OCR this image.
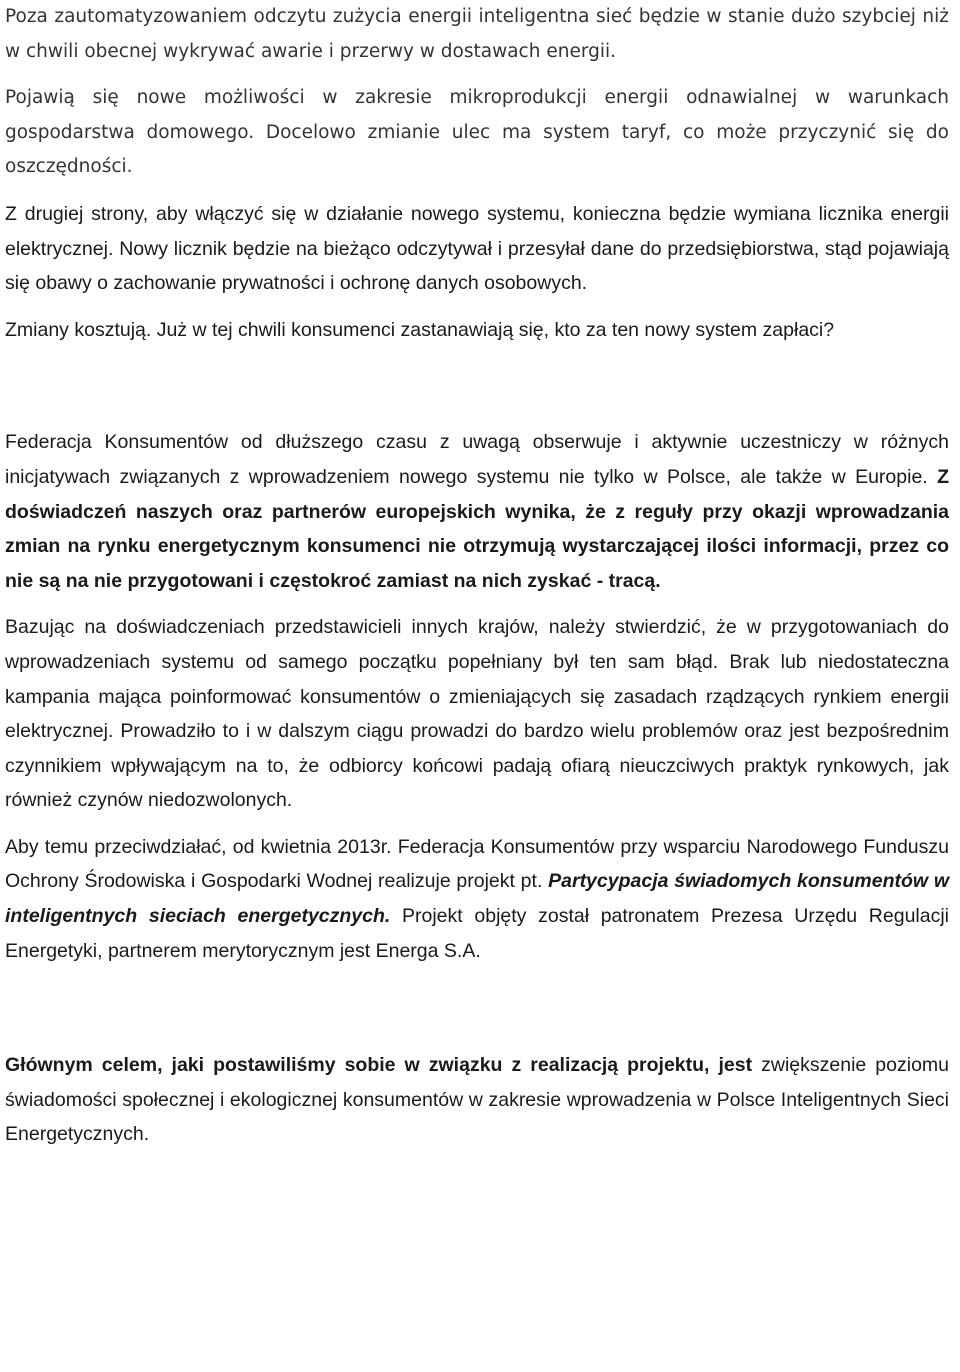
Poza zautomatyzowaniem odczytu zużycia energii inteligentna sieć będzie w stanie dużo szybciej niż w chwili obecnej wykrywać awarie i przerwy w dostawach energii.

Pojawią się nowe możliwości w zakresie mikroprodukcji energii odnawialnej w warunkach gospodarstwa domowego. Docelowo zmianie ulec ma system taryf, co może przyczynić się do oszczędności.

Z drugiej strony, aby włączyć się w działanie nowego systemu, konieczna będzie wymiana licznika energii elektrycznej. Nowy licznik będzie na bieżąco odczytywał i przesyłał dane do przedsiębiorstwa, stąd pojawiają się obawy o zachowanie prywatności i ochronę danych osobowych.

Zmiany kosztują. Już w tej chwili konsumenci zastanawiają się, kto za ten nowy system zapłaci?

Federacja Konsumentów od dłuższego czasu z uwagą obserwuje i aktywnie uczestniczy w różnych inicjatywach związanych z wprowadzeniem nowego systemu nie tylko w Polsce, ale także w Europie. Z doświadczeń naszych oraz partnerów europejskich wynika, że z reguły przy okazji wprowadzania zmian na rynku energetycznym konsumenci nie otrzymują wystarczającej ilości informacji, przez co nie są na nie przygotowani i częstokroć zamiast na nich zyskać - tracą.

Bazując na doświadczeniach przedstawicieli innych krajów, należy stwierdzić, że w przygotowaniach do wprowadzeniach systemu od samego początku popełniany był ten sam błąd. Brak lub niedostateczna kampania mająca poinformować konsumentów o zmieniających się zasadach rządzących rynkiem energii elektrycznej. Prowadziło to i w dalszym ciągu prowadzi do bardzo wielu problemów oraz jest bezpośrednim czynnikiem wpływającym na to, że odbiorcy końcowi padają ofiarą nieuczciwych praktyk rynkowych, jak również czynów niedozwolonych.

Aby temu przeciwdziałać, od kwietnia 2013r. Federacja Konsumentów przy wsparciu Narodowego Funduszu Ochrony Środowiska i Gospodarki Wodnej realizuje projekt pt. Partycypacja świadomych konsumentów w inteligentnych sieciach energetycznych. Projekt objęty został patronatem Prezesa Urzędu Regulacji Energetyki, partnerem merytorycznym jest Energa S.A.

Głównym celem, jaki postawiliśmy sobie w związku z realizacją projektu, jest zwiększenie poziomu świadomości społecznej i ekologicznej konsumentów w zakresie wprowadzenia w Polsce Inteligentnych Sieci Energetycznych.
